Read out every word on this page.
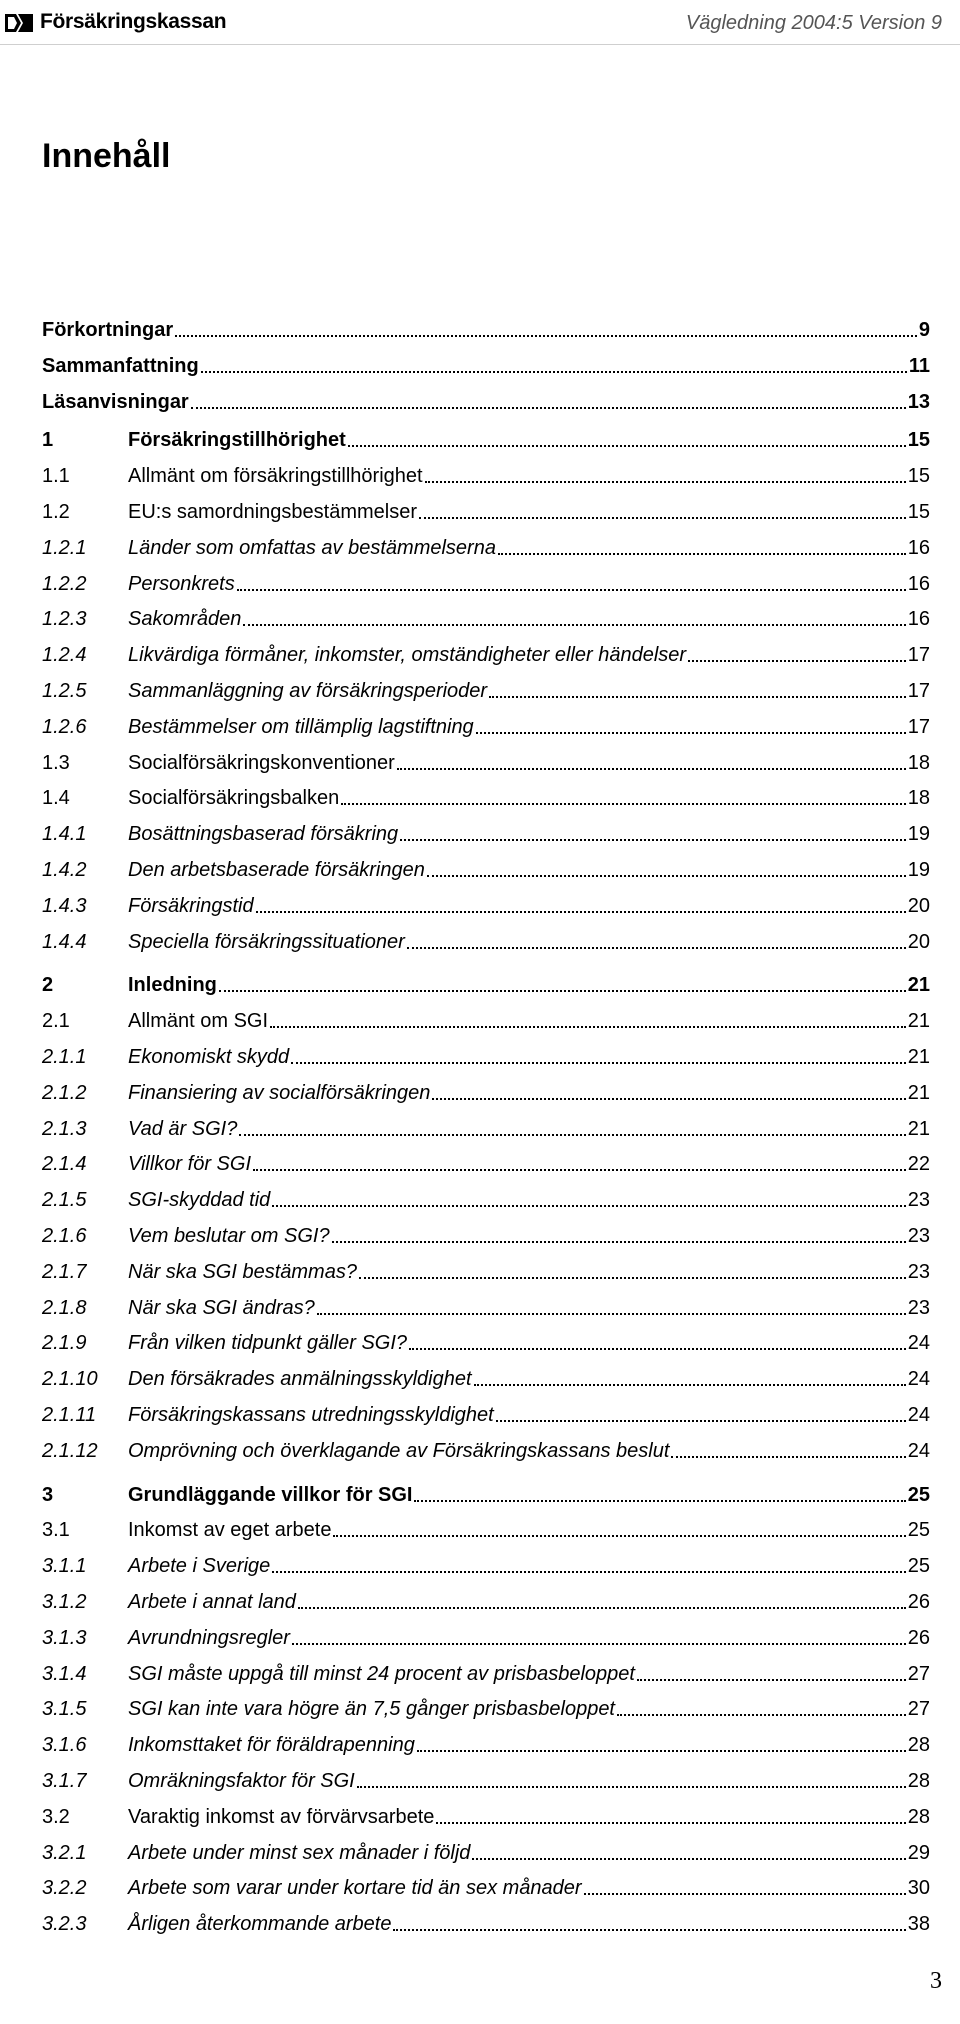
Försäkringskassan	Vägledning 2004:5 Version 9
Innehåll
Förkortningar	9
Sammanfattning	11
Läsanvisningar	13
1	Försäkringstillhörighet	15
1.1	Allmänt om försäkringstillhörighet	15
1.2	EU:s samordningsbestämmelser	15
1.2.1	Länder som omfattas av bestämmelserna	16
1.2.2	Personkrets	16
1.2.3	Sakområden	16
1.2.4	Likvärdiga förmåner, inkomster, omständigheter eller händelser	17
1.2.5	Sammanläggning av försäkringsperioder	17
1.2.6	Bestämmelser om tillämplig lagstiftning	17
1.3	Socialförsäkringskonventioner	18
1.4	Socialförsäkringsbalken	18
1.4.1	Bosättningsbaserad försäkring	19
1.4.2	Den arbetsbaserade försäkringen	19
1.4.3	Försäkringstid	20
1.4.4	Speciella försäkringssituationer	20
2	Inledning	21
2.1	Allmänt om SGI	21
2.1.1	Ekonomiskt skydd	21
2.1.2	Finansiering av socialförsäkringen	21
2.1.3	Vad är SGI?	21
2.1.4	Villkor för SGI	22
2.1.5	SGI-skyddad tid	23
2.1.6	Vem beslutar om SGI?	23
2.1.7	När ska SGI bestämmas?	23
2.1.8	När ska SGI ändras?	23
2.1.9	Från vilken tidpunkt gäller SGI?	24
2.1.10	Den försäkrades anmälningsskyldighet	24
2.1.11	Försäkringskassans utredningsskyldighet	24
2.1.12	Omprövning och överklagande av Försäkringskassans beslut	24
3	Grundläggande villkor för SGI	25
3.1	Inkomst av eget arbete	25
3.1.1	Arbete i Sverige	25
3.1.2	Arbete i annat land	26
3.1.3	Avrundningsregler	26
3.1.4	SGI måste uppgå till minst 24 procent av prisbasbeloppet	27
3.1.5	SGI kan inte vara högre än 7,5 gånger prisbasbeloppet	27
3.1.6	Inkomsttaket för föräldrapenning	28
3.1.7	Omräkningsfaktor för SGI	28
3.2	Varaktig inkomst av förvärvsarbete	28
3.2.1	Arbete under minst sex månader i följd	29
3.2.2	Arbete som varar under kortare tid än sex månader	30
3.2.3	Årligen återkommande arbete	38
3
